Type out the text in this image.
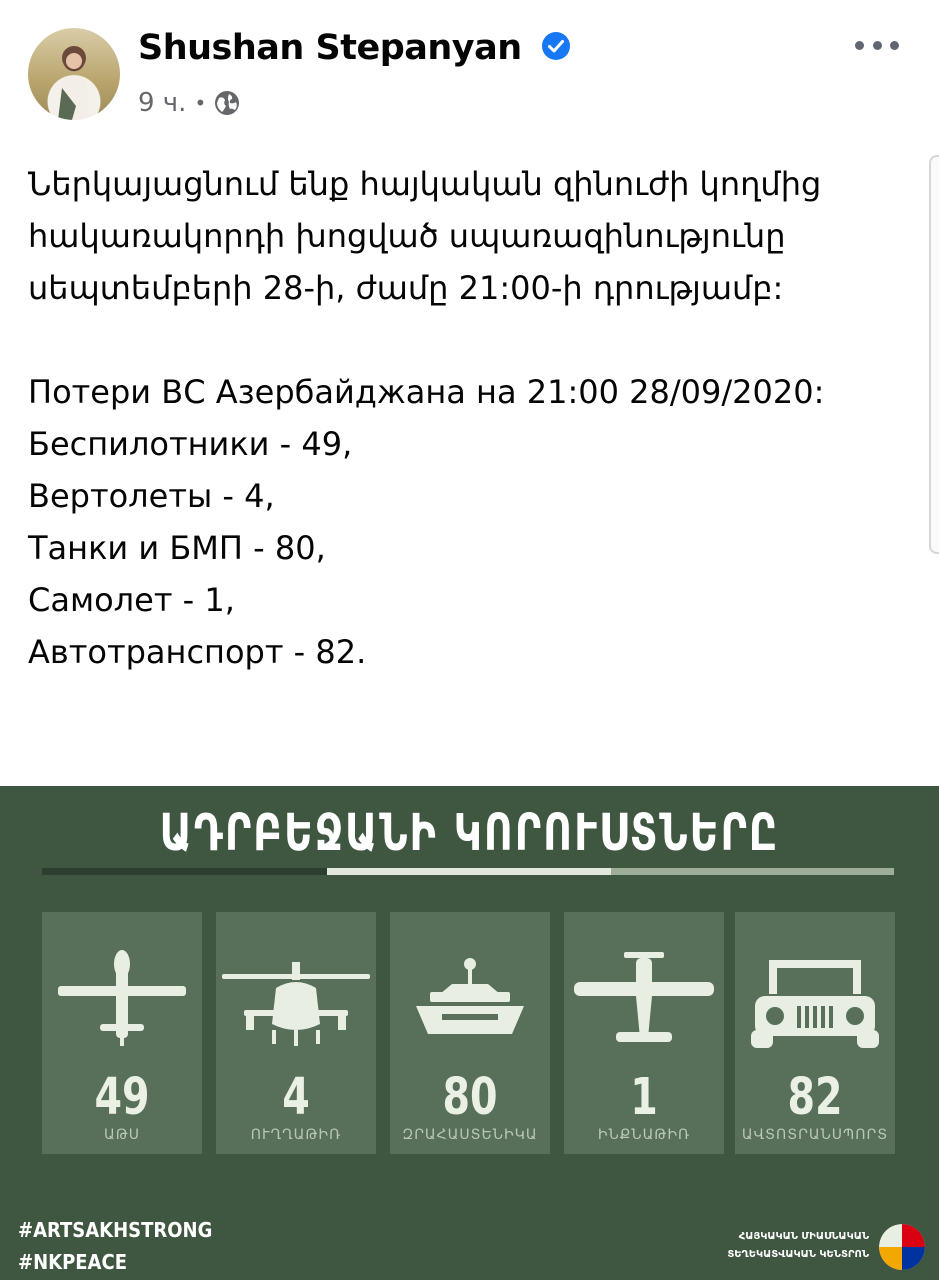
Shushan Stepanyan
9 ч. •
Ներկայացնում ենք հայկական զինուժի կողմից հակառակորդի խոցված սպառազինությունը սեպտեմբերի 28-ի, ժամը 21:00-ի դրությամբ:

Потери ВС Азербайджана на 21:00 28/09/2020:
Беспилотники - 49,
Вертолеты - 4,
Танки и БМП - 80,
Самолет - 1,
Автотранспорт - 82.
ԱԴՐԲԵՋԱՆԻ ԿՈՐՈՒՍՏՆԵՐԸ
49
ԱԹՍ
4
ՈՒՂՂԱԹԻՌ
80
ԶՐԱՀԱՍՏԵՆԻԿԱ
1
ԻՆՔՆԱԹԻՌ
82
ԱՎՏՈՏՐԱՆՍՊՈՐՏ
#ARTSAKHSTRONG
#NKPEACE
ՀԱՅԿԱԿԱՆ ՄԻԱՍՆԱԿԱՆ
ՏԵՂԵԿԱՏՎԱԿԱՆ ԿԵՆՏՐՈՆ
